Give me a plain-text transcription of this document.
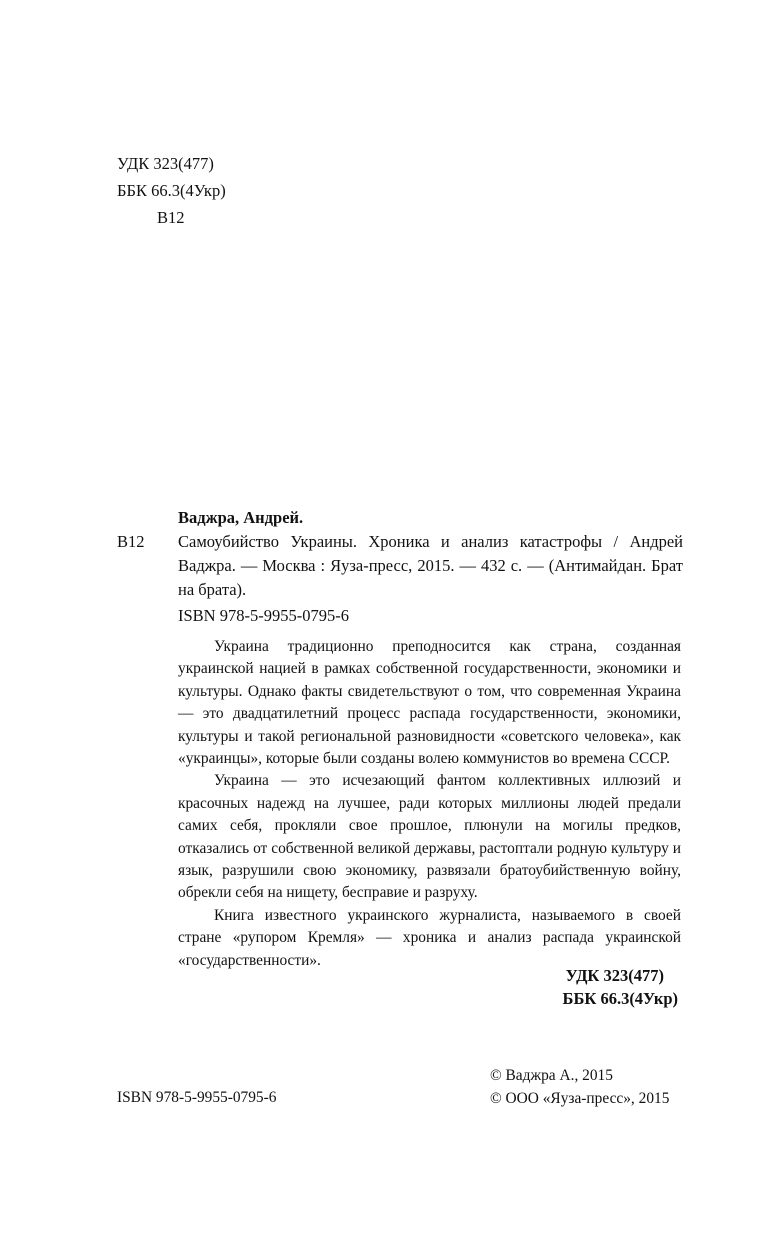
УДК 323(477)
ББК 66.3(4Укр)
В12
Ваджра, Андрей.
В12 Самоубийство Украины. Хроника и анализ катастрофы / Андрей Ваджра. — Москва : Яуза-пресс, 2015. — 432 с. — (Антимайдан. Брат на брата).
ISBN 978-5-9955-0795-6

Украина традиционно преподносится как страна, созданная украинской нацией в рамках собственной государственности, экономики и культуры. Однако факты свидетельствуют о том, что современная Украина — это двадцатилетний процесс распада государственности, экономики, культуры и такой региональной разновидности «советского человека», как «украинцы», которые были созданы волею коммунистов во времена СССР.

Украина — это исчезающий фантом коллективных иллюзий и красочных надежд на лучшее, ради которых миллионы людей предали самих себя, прокляли свое прошлое, плюнули на могилы предков, отказались от собственной великой державы, растоптали родную культуру и язык, разрушили свою экономику, развязали братоубийственную войну, обрекли себя на нищету, бесправие и разруху.

Книга известного украинского журналиста, называемого в своей стране «рупором Кремля» — хроника и анализ распада украинской «государственности».

УДК 323(477)
ББК 66.3(4Укр)
ISBN 978-5-9955-0795-6
© Ваджра А., 2015
© ООО «Яуза-пресс», 2015
